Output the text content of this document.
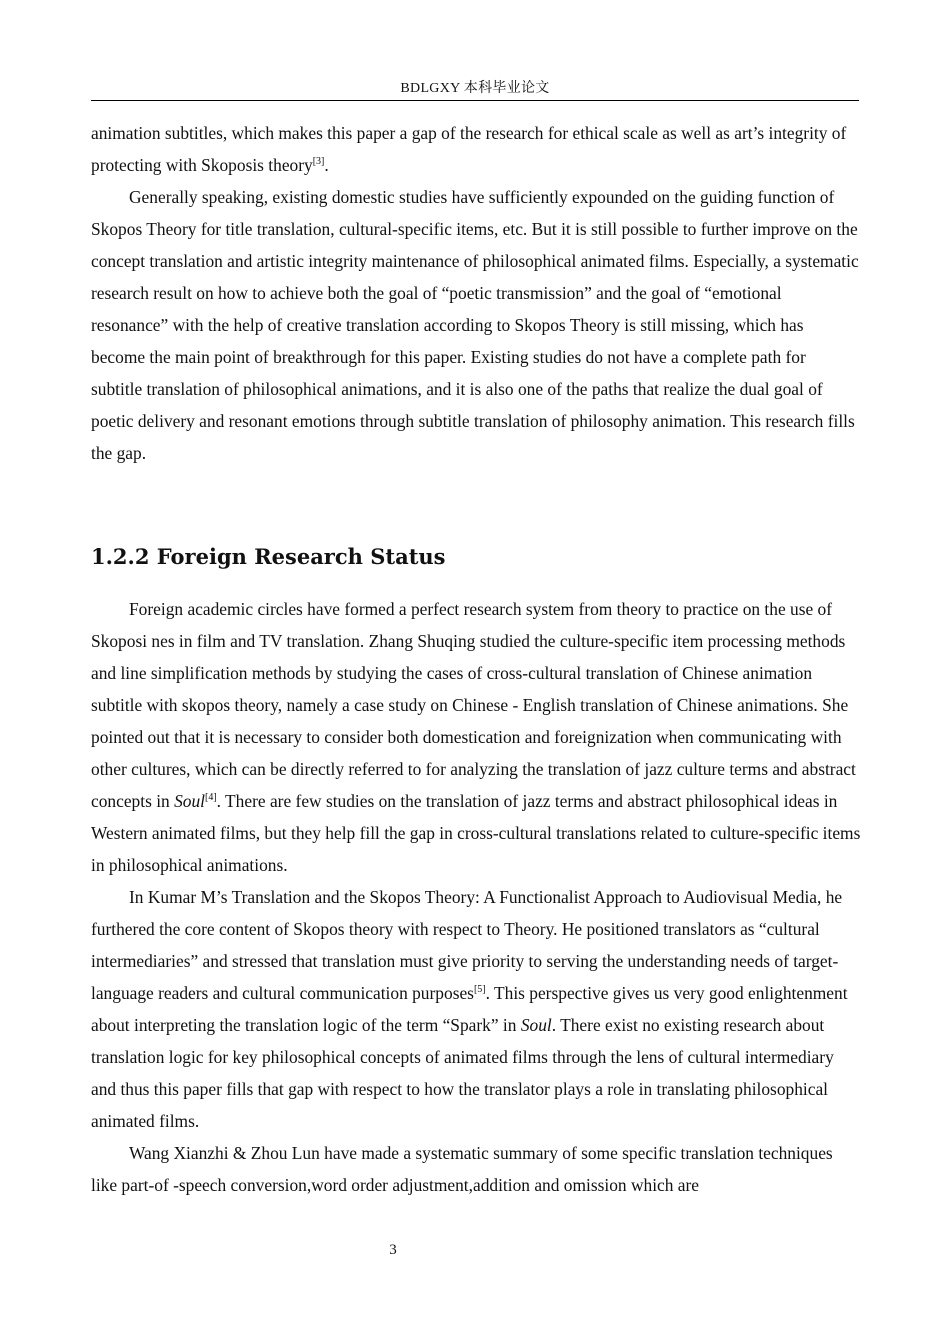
BDLGXY 本科毕业论文

animation subtitles, which makes this paper a gap of the research for ethical scale as well as art’s integrity of protecting with Skoposis theory[3].

Generally speaking, existing domestic studies have sufficiently expounded on the guiding function of Skopos Theory for title translation, cultural-specific items, etc. But it is still possible to further improve on the concept translation and artistic integrity maintenance of philosophical animated films. Especially, a systematic research result on how to achieve both the goal of “poetic transmission” and the goal of “emotional resonance” with the help of creative translation according to Skopos Theory is still missing, which has become the main point of breakthrough for this paper. Existing studies do not have a complete path for subtitle translation of philosophical animations, and it is also one of the paths that realize the dual goal of poetic delivery and resonant emotions through subtitle translation of philosophy animation. This research fills the gap.

1.2.2 Foreign Research Status

Foreign academic circles have formed a perfect research system from theory to practice on the use of Skoposi nes in film and TV translation. Zhang Shuqing studied the culture-specific item processing methods and line simplification methods by studying the cases of cross-cultural translation of Chinese animation subtitle with skopos theory, namely a case study on Chinese - English translation of Chinese animations. She pointed out that it is necessary to consider both domestication and foreignization when communicating with other cultures, which can be directly referred to for analyzing the translation of jazz culture terms and abstract concepts in Soul[4]. There are few studies on the translation of jazz terms and abstract philosophical ideas in Western animated films, but they help fill the gap in cross-cultural translations related to culture-specific items in philosophical animations.

In Kumar M’s Translation and the Skopos Theory: A Functionalist Approach to Audiovisual Media, he furthered the core content of Skopos theory with respect to Theory. He positioned translators as “cultural intermediaries” and stressed that translation must give priority to serving the understanding needs of target-language readers and cultural communication purposes[5]. This perspective gives us very good enlightenment about interpreting the translation logic of the term “Spark” in Soul. There exist no existing research about translation logic for key philosophical concepts of animated films through the lens of cultural intermediary and thus this paper fills that gap with respect to how the translator plays a role in translating philosophical animated films.

Wang Xianzhi & Zhou Lun have made a systematic summary of some specific translation techniques like part-of -speech conversion,word order adjustment,addition and omission which are

3
